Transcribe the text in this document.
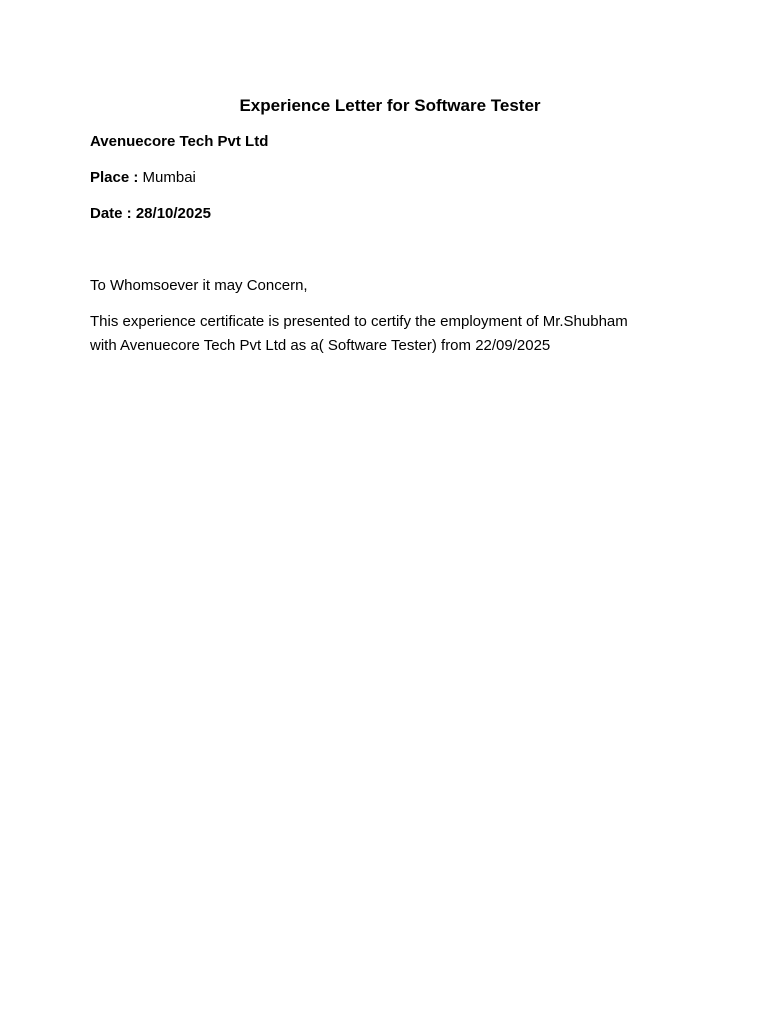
Experience Letter for Software Tester
Avenuecore Tech Pvt Ltd
Place : Mumbai
Date : 28/10/2025
To Whomsoever it may Concern,
This experience certificate is presented to certify the employment of Mr.Shubham
with Avenuecore Tech Pvt Ltd as a( Software Tester) from 22/09/2025
